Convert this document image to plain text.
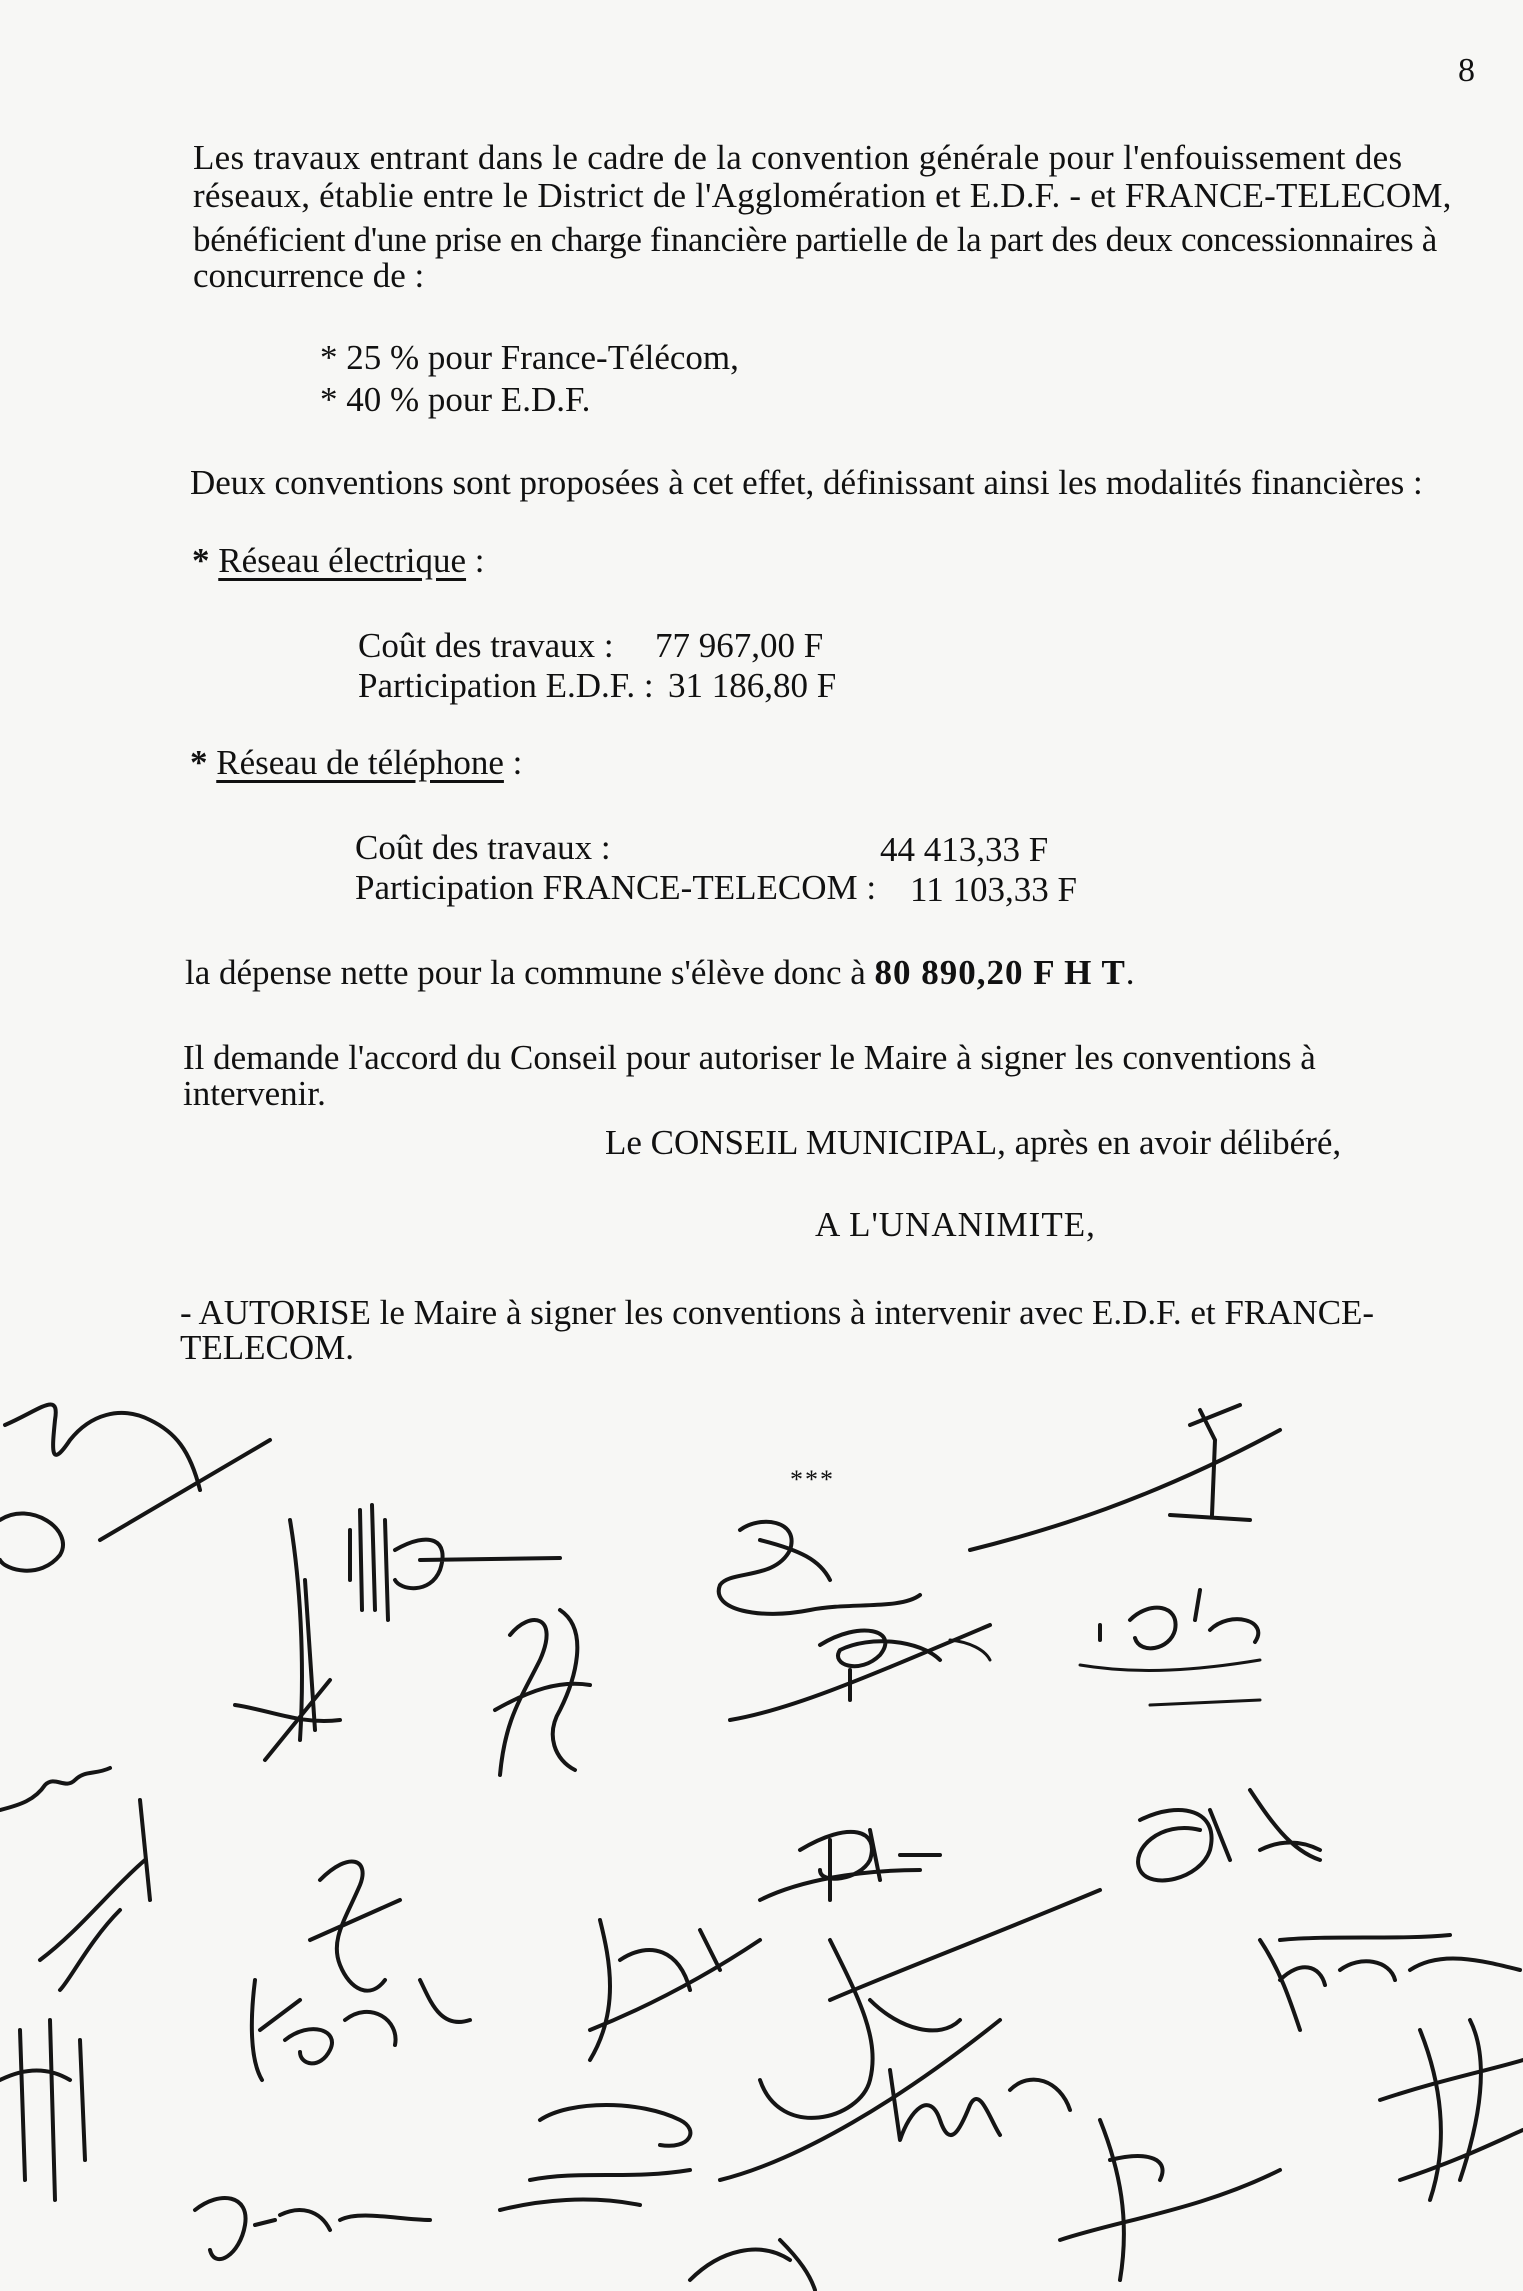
8
Les travaux entrant dans le cadre de la convention générale pour l'enfouissement des
réseaux, établie entre le District de l'Agglomération et E.D.F. - et FRANCE-TELECOM,
bénéficient d'une prise en charge financière partielle de la part des deux concessionnaires à
concurrence de :
* 25 % pour France-Télécom,
* 40 % pour E.D.F.
Deux conventions sont proposées à cet effet, définissant ainsi les modalités financières :
* Réseau électrique :
Coût des travaux : 77 967,00 F
Participation E.D.F. : 31 186,80 F
* Réseau de téléphone :
Coût des travaux :	44 413,33 F
Participation FRANCE-TELECOM : 11 103,33 F
la dépense nette pour la commune s'élève donc à 80 890,20 F H T.
Il demande l'accord du Conseil pour autoriser le Maire à signer les conventions à
intervenir.
Le CONSEIL MUNICIPAL, après en avoir délibéré,
A L'UNANIMITE,
- AUTORISE le Maire à signer les conventions à intervenir avec E.D.F. et FRANCE-
TELECOM.
***
